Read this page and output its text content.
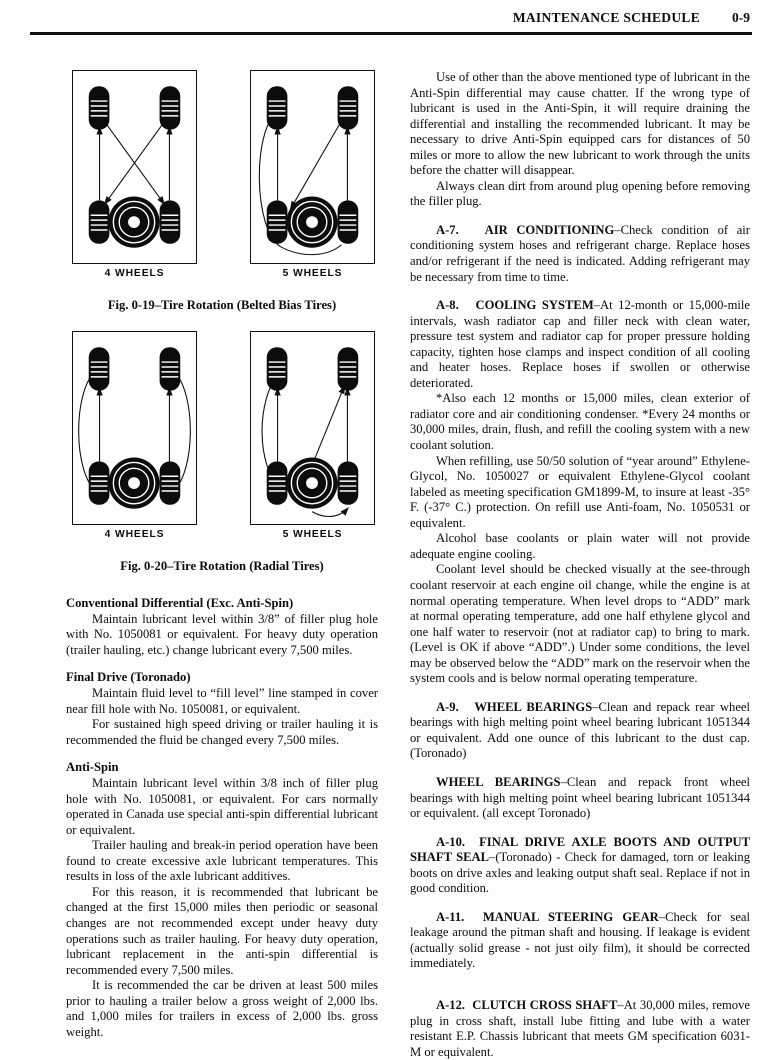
MAINTENANCE SCHEDULE 0-9
4 WHEELS	5 WHEELS
Fig. 0-19–Tire Rotation (Belted Bias Tires)
4 WHEELS	5 WHEELS
Fig. 0-20–Tire Rotation (Radial Tires)
Conventional Differential (Exc. Anti-Spin)

Maintain lubricant level within 3/8” of filler plug hole with No. 1050081 or equivalent. For heavy duty operation (trailer hauling, etc.) change lubricant every 7,500 miles.

Final Drive (Toronado)

Maintain fluid level to “fill level” line stamped in cover near fill hole with No. 1050081, or equivalent.

For sustained high speed driving or trailer hauling it is recommended the fluid be changed every 7,500 miles.

Anti-Spin

Maintain lubricant level within 3/8 inch of filler plug hole with No. 1050081, or equivalent. For cars normally operated in Canada use special anti-spin differential lubricant or equivalent.

Trailer hauling and break-in period operation have been found to create excessive axle lubricant temperatures. This results in loss of the axle lubricant additives.

For this reason, it is recommended that lubricant be changed at the first 15,000 miles then periodic or seasonal changes are not recommended except under heavy duty operations such as trailer hauling. For heavy duty operation, lubricant replacement in the anti-spin differential is recommended every 7,500 miles.

It is recommended the car be driven at least 500 miles prior to hauling a trailer below a gross weight of 2,000 lbs. and 1,000 miles for trailers in excess of 2,000 lbs. gross weight.

Use of other than the above mentioned type of lubricant in the Anti-Spin differential may cause chatter. If the wrong type of lubricant is used in the Anti-Spin, it will require draining the differential and installing the recommended lubricant. It may be necessary to drive Anti-Spin equipped cars for distances of 50 miles or more to allow the new lubricant to work through the units before the chatter will disappear.

Always clean dirt from around plug opening before removing the filler plug.

A-7. AIR CONDITIONING–Check condition of air conditioning system hoses and refrigerant charge. Replace hoses and/or refrigerant if the need is indicated. Adding refrigerant may be necessary from time to time.

A-8. COOLING SYSTEM–At 12-month or 15,000-mile intervals, wash radiator cap and filler neck with clean water, pressure test system and radiator cap for proper pressure holding capacity, tighten hose clamps and inspect condition of all cooling and heater hoses. Replace hoses if swollen or otherwise deteriorated.

*Also each 12 months or 15,000 miles, clean exterior of radiator core and air conditioning condenser. *Every 24 months or 30,000 miles, drain, flush, and refill the cooling system with a new coolant solution.

When refilling, use 50/50 solution of “year around” Ethylene-Glycol, No. 1050027 or equivalent Ethylene-Glycol coolant labeled as meeting specification GM1899-M, to insure at least -35° F. (-37° C.) protection. On refill use Anti-foam, No. 1050531 or equivalent.

Alcohol base coolants or plain water will not provide adequate engine cooling.

Coolant level should be checked visually at the see-through coolant reservoir at each engine oil change, while the engine is at normal operating temperature. When level drops to “ADD” mark at normal operating temperature, add one half ethylene glycol and one half water to reservoir (not at radiator cap) to bring to mark. (Level is OK if above “ADD”.) Under some conditions, the level may be observed below the “ADD” mark on the reservoir when the system cools and is below normal operating temperature.

A-9. WHEEL BEARINGS–Clean and repack rear wheel bearings with high melting point wheel bearing lubricant 1051344 or equivalent. Add one ounce of this lubricant to the dust cap. (Toronado)

WHEEL BEARINGS–Clean and repack front wheel bearings with high melting point wheel bearing lubricant 1051344 or equivalent. (all except Toronado)

A-10. FINAL DRIVE AXLE BOOTS AND OUTPUT SHAFT SEAL–(Toronado) - Check for damaged, torn or leaking boots on drive axles and leaking output shaft seal. Replace if not in good condition.

A-11. MANUAL STEERING GEAR–Check for seal leakage around the pitman shaft and housing. If leakage is evident (actually solid grease - not just oily film), it should be corrected immediately.

A-12. CLUTCH CROSS SHAFT–At 30,000 miles, remove plug in cross shaft, install lube fitting and lube with a water resistant E.P. Chassis lubricant that meets GM specification 6031-M or equivalent.
